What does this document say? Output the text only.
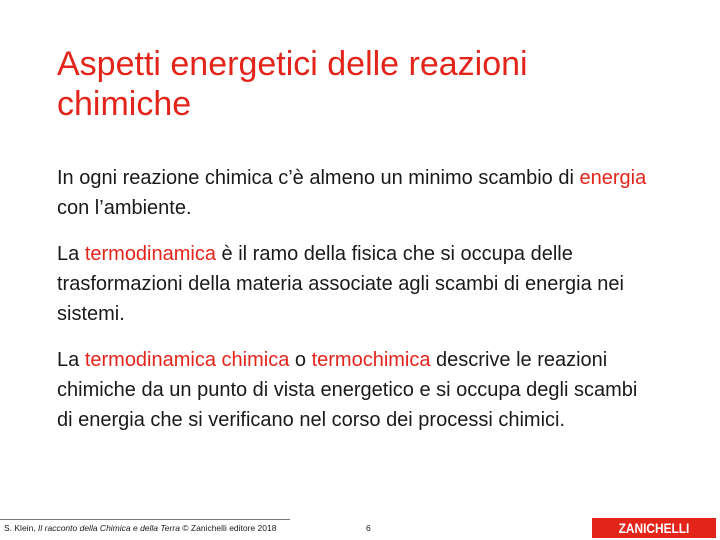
Aspetti energetici delle reazioni
chimiche

In ogni reazione chimica c’è almeno un minimo scambio di energia con l’ambiente.

La termodinamica è il ramo della fisica che si occupa delle trasformazioni della materia associate agli scambi di energia nei sistemi.

La termodinamica chimica o termochimica descrive le reazioni chimiche da un punto di vista energetico e si occupa degli scambi di energia che si verificano nel corso dei processi chimici.

S. Klein, Il racconto della Chimica e della Terra © Zanichelli editore 2018	6	ZANICHELLI
